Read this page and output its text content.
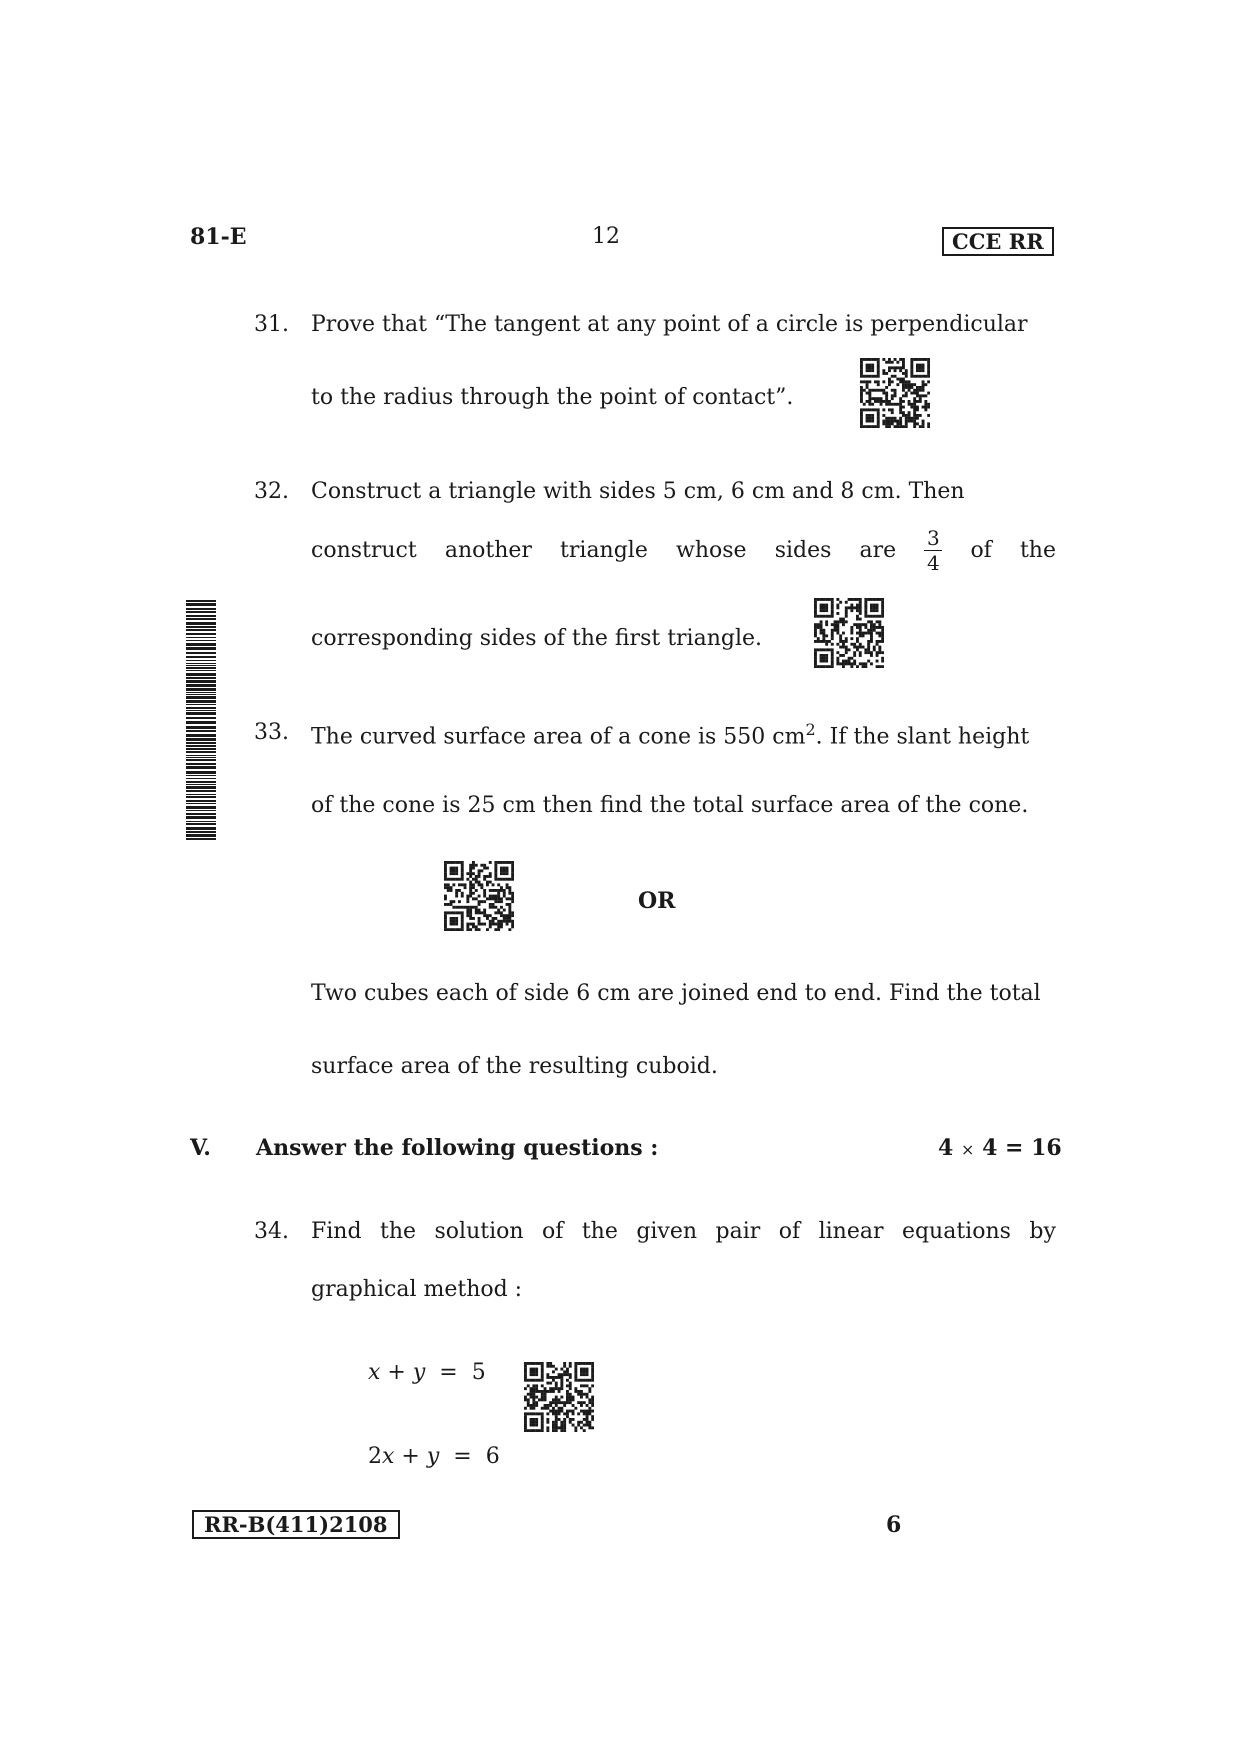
81-E	12	CCE RR
31. Prove that “The tangent at any point of a circle is perpendicular
to the radius through the point of contact”.
32. Construct a triangle with sides 5 cm, 6 cm and 8 cm. Then
construct another triangle whose sides are $\frac{3}{4}$ of the
corresponding sides of the first triangle.
33. The curved surface area of a cone is 550 $cm^2$. If the slant height
of the cone is 25 cm then find the total surface area of the cone.
OR
Two cubes each of side 6 cm are joined end to end. Find the total
surface area of the resulting cuboid.
V. Answer the following questions :	4 × 4 = 16
34. Find the solution of the given pair of linear equations by
graphical method :
x + y  =  5
2x + y  =  6
RR-B(411)2108	6
